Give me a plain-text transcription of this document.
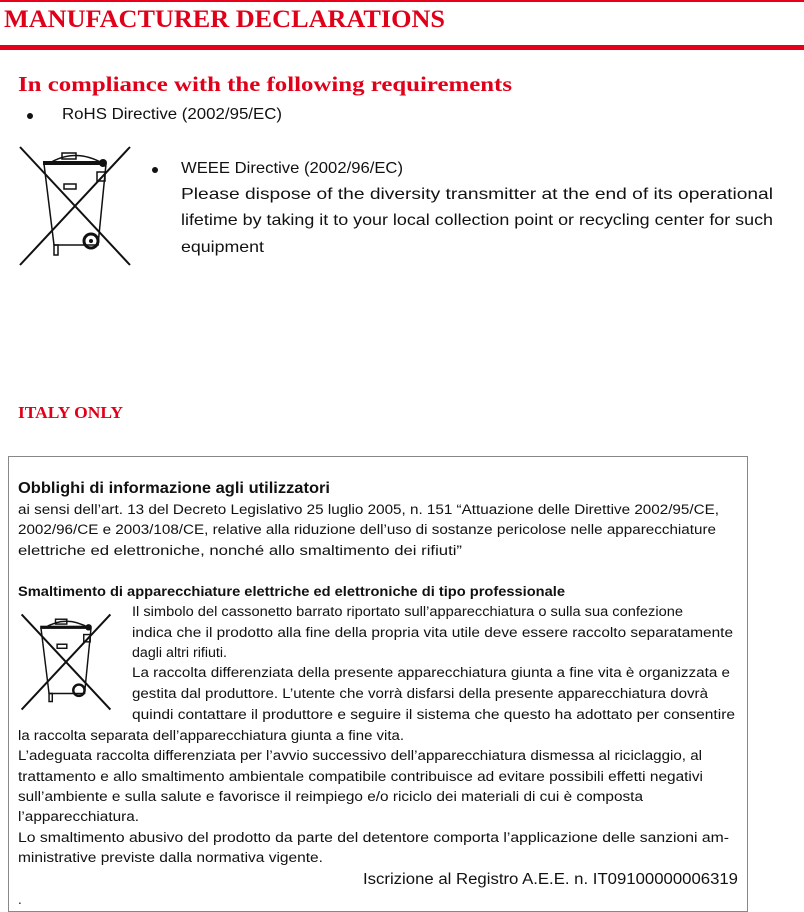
MANUFACTURER DECLARATIONS
In compliance with the following requirements
RoHS Directive (2002/95/EC)
WEEE Directive (2002/96/EC)
Please dispose of the diversity transmitter at the end of its operational
lifetime by taking it to your local collection point or recycling center for such
equipment
ITALY ONLY
Obblighi di informazione agli utilizzatori
ai sensi dell’art. 13 del Decreto Legislativo 25 luglio 2005, n. 151 “Attuazione delle Direttive 2002/95/CE,
2002/96/CE e 2003/108/CE, relative alla riduzione dell’uso di sostanze pericolose nelle apparecchiature
elettriche ed elettroniche, nonché allo smaltimento dei rifiuti”
Smaltimento di apparecchiature elettriche ed elettroniche di tipo professionale
Il simbolo del cassonetto barrato riportato sull’apparecchiatura o sulla sua confezione
indica che il prodotto alla fine della propria vita utile deve essere raccolto separatamente
dagli altri rifiuti.
La raccolta differenziata della presente apparecchiatura giunta a fine vita è organizzata e
gestita dal produttore. L’utente che vorrà disfarsi della presente apparecchiatura dovrà
quindi contattare il produttore e seguire il sistema che questo ha adottato per consentire
la raccolta separata dell’apparecchiatura giunta a fine vita.
L’adeguata raccolta differenziata per l’avvio successivo dell’apparecchiatura dismessa al riciclaggio, al
trattamento e allo smaltimento ambientale compatibile contribuisce ad evitare possibili effetti negativi
sull’ambiente e sulla salute e favorisce il reimpiego e/o riciclo dei materiali di cui è composta
l’apparecchiatura.
Lo smaltimento abusivo del prodotto da parte del detentore comporta l’applicazione delle sanzioni am-
ministrative previste dalla normativa vigente.
Iscrizione al Registro A.E.E. n. IT09100000006319
.
